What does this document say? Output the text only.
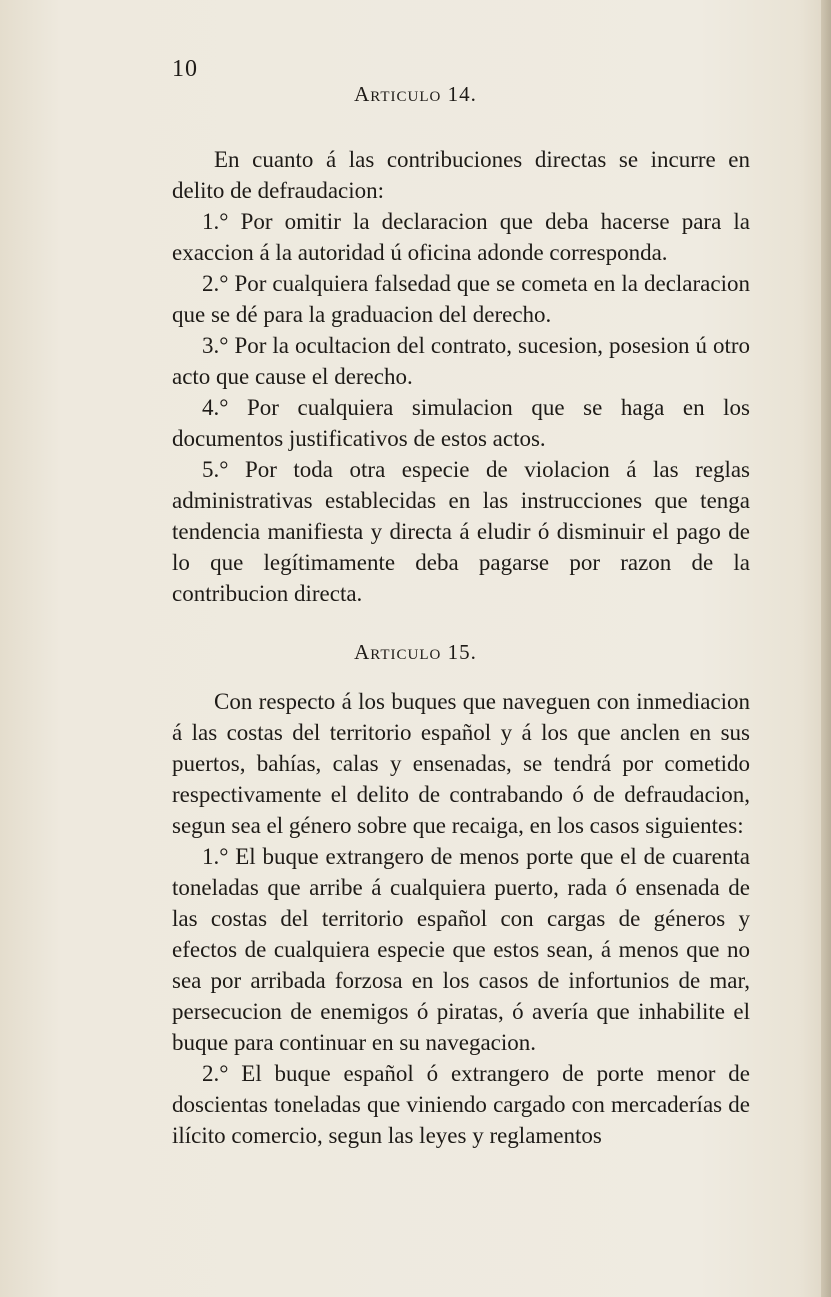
10
Articulo 14.

En cuanto á las contribuciones directas se incurre en delito de defraudacion:

1.° Por omitir la declaracion que deba hacerse para la exaccion á la autoridad ú oficina adonde corresponda.

2.° Por cualquiera falsedad que se cometa en la declaracion que se dé para la graduacion del derecho.

3.° Por la ocultacion del contrato, sucesion, posesion ú otro acto que cause el derecho.

4.° Por cualquiera simulacion que se haga en los documentos justificativos de estos actos.

5.° Por toda otra especie de violacion á las reglas administrativas establecidas en las instrucciones que tenga tendencia manifiesta y directa á eludir ó disminuir el pago de lo que legítimamente deba pagarse por razon de la contribucion directa.

Articulo 15.

Con respecto á los buques que naveguen con inmediacion á las costas del territorio español y á los que anclen en sus puertos, bahías, calas y ensenadas, se tendrá por cometido respectivamente el delito de contrabando ó de defraudacion, segun sea el género sobre que recaiga, en los casos siguientes:

1.° El buque extrangero de menos porte que el de cuarenta toneladas que arribe á cualquiera puerto, rada ó ensenada de las costas del territorio español con cargas de géneros y efectos de cualquiera especie que estos sean, á menos que no sea por arribada forzosa en los casos de infortunios de mar, persecucion de enemigos ó piratas, ó avería que inhabilite el buque para continuar en su navegacion.

2.° El buque español ó extrangero de porte menor de doscientas toneladas que viniendo cargado con mercaderías de ilícito comercio, segun las leyes y reglamentos
